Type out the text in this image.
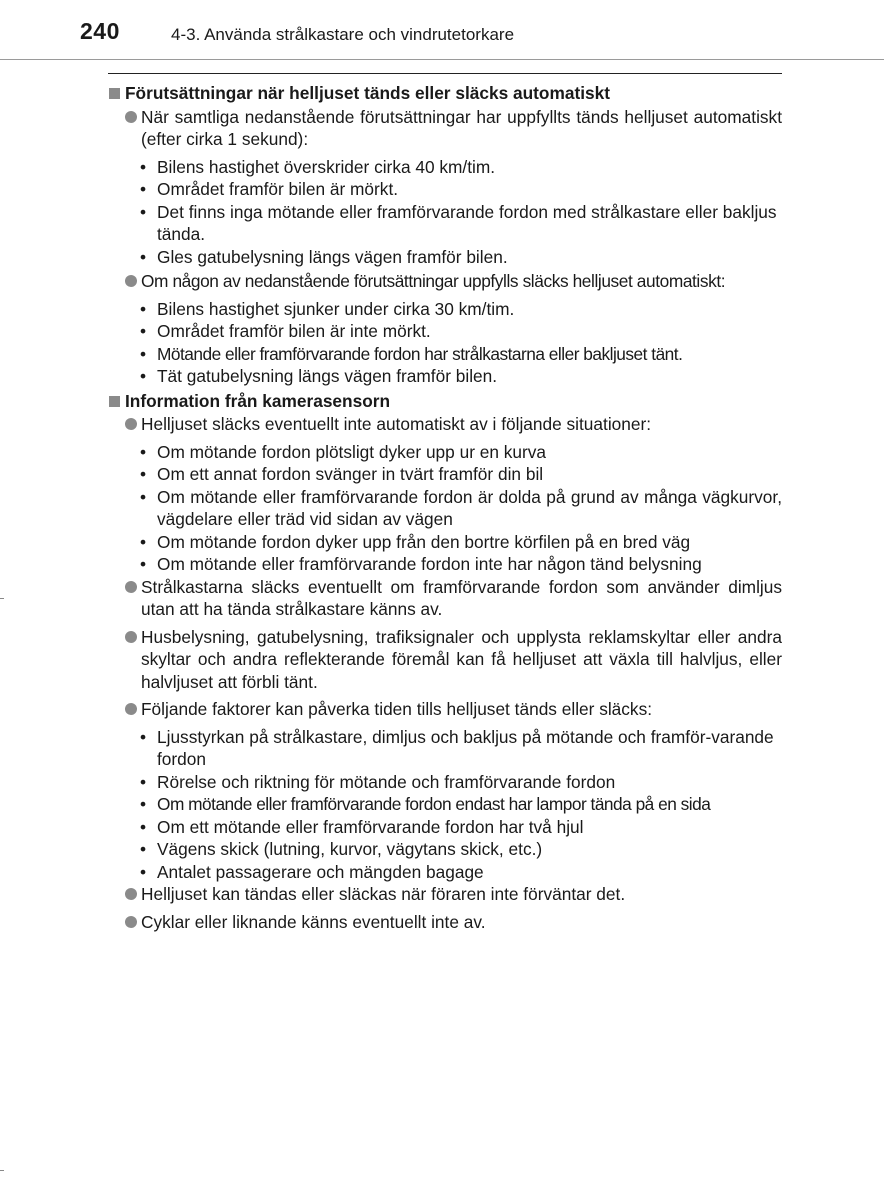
240	4-3. Använda strålkastare och vindrutetorkare
Förutsättningar när helljuset tänds eller släcks automatiskt
När samtliga nedanstående förutsättningar har uppfyllts tänds helljuset automatiskt (efter cirka 1 sekund):
• Bilens hastighet överskrider cirka 40 km/tim.
• Området framför bilen är mörkt.
• Det finns inga mötande eller framförvarande fordon med strålkastare eller bakljus tända.
• Gles gatubelysning längs vägen framför bilen.
Om någon av nedanstående förutsättningar uppfylls släcks helljuset automatiskt:
• Bilens hastighet sjunker under cirka 30 km/tim.
• Området framför bilen är inte mörkt.
• Mötande eller framförvarande fordon har strålkastarna eller bakljuset tänt.
• Tät gatubelysning längs vägen framför bilen.
Information från kamerasensorn
Helljuset släcks eventuellt inte automatiskt av i följande situationer:
• Om mötande fordon plötsligt dyker upp ur en kurva
• Om ett annat fordon svänger in tvärt framför din bil
• Om mötande eller framförvarande fordon är dolda på grund av många vägkurvor, vägdelare eller träd vid sidan av vägen
• Om mötande fordon dyker upp från den bortre körfilen på en bred väg
• Om mötande eller framförvarande fordon inte har någon tänd belysning
Strålkastarna släcks eventuellt om framförvarande fordon som använder dimljus utan att ha tända strålkastare känns av.
Husbelysning, gatubelysning, trafiksignaler och upplysta reklamskyltar eller andra skyltar och andra reflekterande föremål kan få helljuset att växla till halvljus, eller halvljuset att förbli tänt.
Följande faktorer kan påverka tiden tills helljuset tänds eller släcks:
• Ljusstyrkan på strålkastare, dimljus och bakljus på mötande och framför-varande fordon
• Rörelse och riktning för mötande och framförvarande fordon
• Om mötande eller framförvarande fordon endast har lampor tända på en sida
• Om ett mötande eller framförvarande fordon har två hjul
• Vägens skick (lutning, kurvor, vägytans skick, etc.)
• Antalet passagerare och mängden bagage
Helljuset kan tändas eller släckas när föraren inte förväntar det.
Cyklar eller liknande känns eventuellt inte av.
